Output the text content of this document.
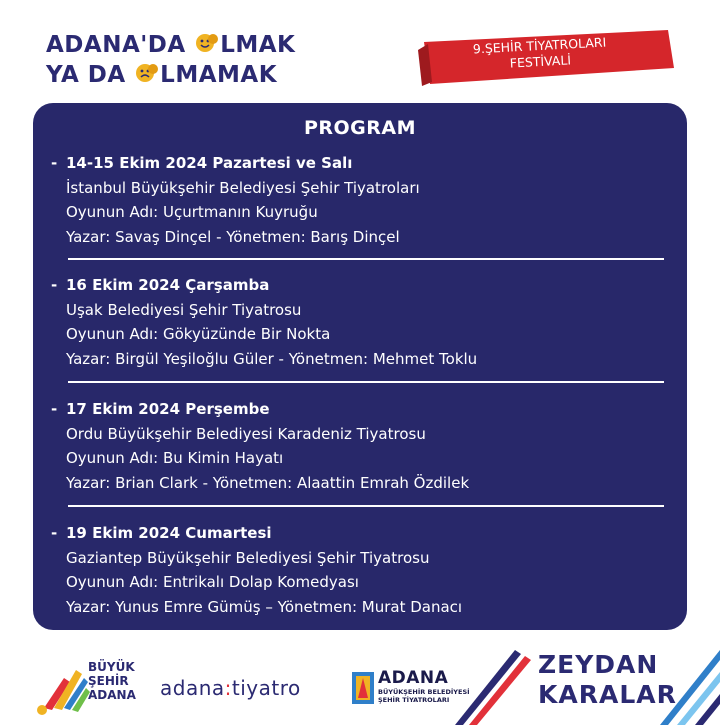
ADANA'DA LMAK
YA DA LMAMAK
9.ŞEHİR TİYATROLARI
FESTİVALİ
PROGRAM
- 14-15 Ekim 2024 Pazartesi ve Salı
İstanbul Büyükşehir Belediyesi Şehir Tiyatroları
Oyunun Adı: Uçurtmanın Kuyruğu
Yazar: Savaş Dinçel - Yönetmen: Barış Dinçel
- 16 Ekim 2024 Çarşamba
Uşak Belediyesi Şehir Tiyatrosu
Oyunun Adı: Gökyüzünde Bir Nokta
Yazar: Birgül Yeşiloğlu Güler - Yönetmen: Mehmet Toklu
- 17 Ekim 2024 Perşembe
Ordu Büyükşehir Belediyesi Karadeniz Tiyatrosu
Oyunun Adı: Bu Kimin Hayatı
Yazar: Brian Clark - Yönetmen: Alaattin Emrah Özdilek
- 19 Ekim 2024 Cumartesi
Gaziantep Büyükşehir Belediyesi Şehir Tiyatrosu
Oyunun Adı: Entrikalı Dolap Komedyası
Yazar: Yunus Emre Gümüş – Yönetmen: Murat Danacı
BÜYÜK
ŞEHİR
ADANA adana:tiyatro	ADANA
BÜYÜKŞEHİR BELEDİYESİ
ŞEHİR TİYATROLARI
ZEYDAN
KARALAR
